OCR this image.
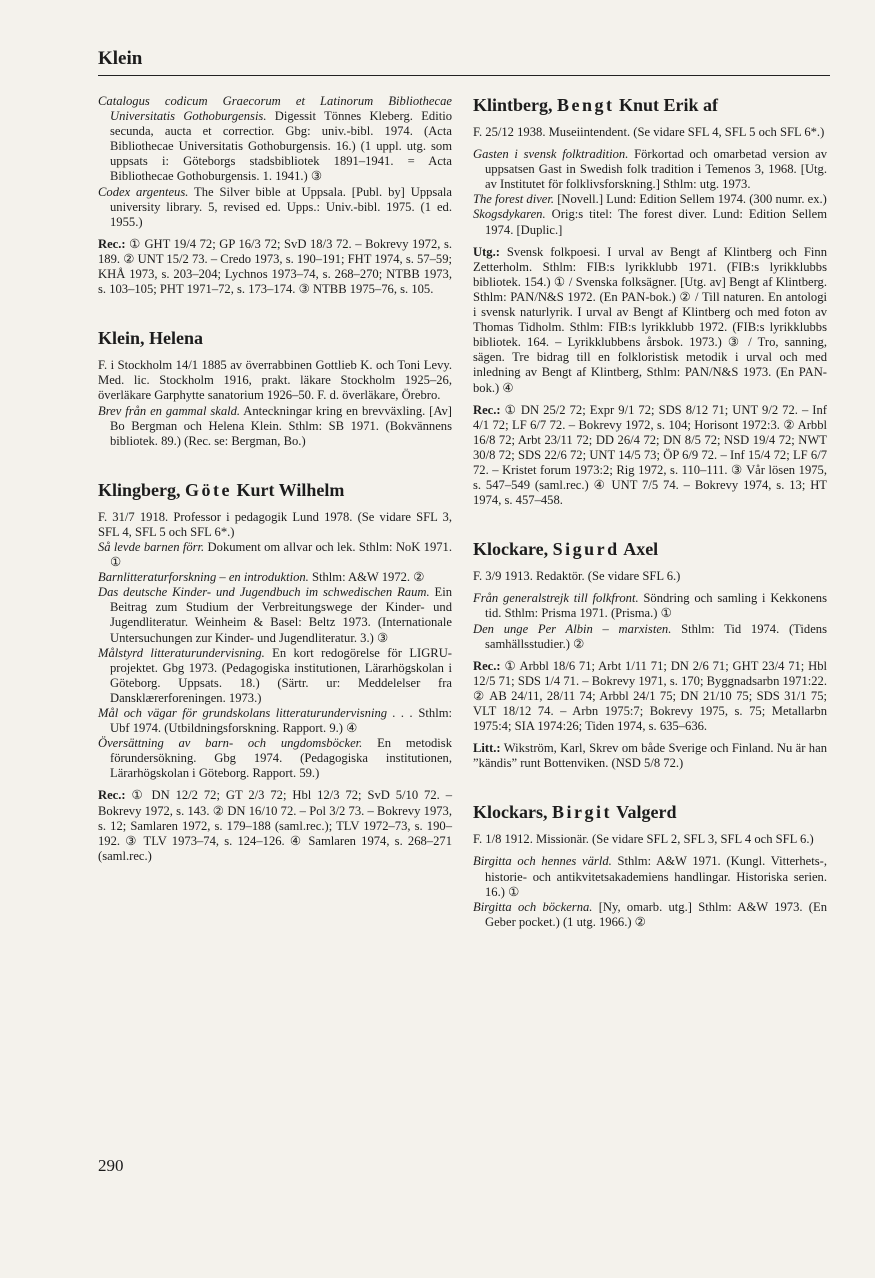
Klein

Catalogus codicum Graecorum et Latinorum Bibliothecae Universitatis Gothoburgensis. Digessit Tönnes Kleberg. Editio secunda, aucta et correctior. Gbg: univ.-bibl. 1974. (Acta Bibliothecae Universitatis Gothoburgensis. 16.) (1 uppl. utg. som uppsats i: Göteborgs stadsbibliotek 1891–1941. = Acta Bibliothecae Gothoburgensis. 1. 1941.) ③

Codex argenteus. The Silver bible at Uppsala. [Publ. by] Uppsala university library. 5, revised ed. Upps.: Univ.-bibl. 1975. (1 ed. 1955.)

Rec.: ① GHT 19/4 72; GP 16/3 72; SvD 18/3 72. – Bokrevy 1972, s. 189. ② UNT 15/2 73. – Credo 1973, s. 190–191; FHT 1974, s. 57–59; KHÅ 1973, s. 203–204; Lychnos 1973–74, s. 268–270; NTBB 1973, s. 103–105; PHT 1971–72, s. 173–174. ③ NTBB 1975–76, s. 105.

Klein, Helena

F. i Stockholm 14/1 1885 av överrabbinen Gottlieb K. och Toni Levy. Med. lic. Stockholm 1916, prakt. läkare Stockholm 1925–26, överläkare Garphytte sanatorium 1926–50. F. d. överläkare, Örebro.

Brev från en gammal skald. Anteckningar kring en brevväxling. [Av] Bo Bergman och Helena Klein. Sthlm: SB 1971. (Bokvännens bibliotek. 89.) (Rec. se: Bergman, Bo.)

Klingberg, Göte Kurt Wilhelm

F. 31/7 1918. Professor i pedagogik Lund 1978. (Se vidare SFL 3, SFL 4, SFL 5 och SFL 6*.)

Så levde barnen förr. Dokument om allvar och lek. Sthlm: NoK 1971. ①

Barnlitteraturforskning – en introduktion. Sthlm: A&W 1972. ②

Das deutsche Kinder- und Jugendbuch im schwedischen Raum. Ein Beitrag zum Studium der Verbreitungswege der Kinder- und Jugendliteratur. Weinheim & Basel: Beltz 1973. (Internationale Untersuchungen zur Kinder- und Jugendliteratur. 3.) ③

Målstyrd litteraturundervisning. En kort redogörelse för LIGRU-projektet. Gbg 1973. (Pedagogiska institutionen, Lärarhögskolan i Göteborg. Uppsats. 18.) (Särtr. ur: Meddelelser fra Dansklærerforeningen. 1973.)

Mål och vägar för grundskolans litteraturundervisning . . . Sthlm: Ubf 1974. (Utbildningsforskning. Rapport. 9.) ④

Översättning av barn- och ungdomsböcker. En metodisk förundersökning. Gbg 1974. (Pedagogiska institutionen, Lärarhögskolan i Göteborg. Rapport. 59.)

Rec.: ① DN 12/2 72; GT 2/3 72; Hbl 12/3 72; SvD 5/10 72. – Bokrevy 1972, s. 143. ② DN 16/10 72. – Pol 3/2 73. – Bokrevy 1973, s. 12; Samlaren 1972, s. 179–188 (saml.rec.); TLV 1972–73, s. 190–192. ③ TLV 1973–74, s. 124–126. ④ Samlaren 1974, s. 268–271 (saml.rec.)

Klintberg, Bengt Knut Erik af

F. 25/12 1938. Museiintendent. (Se vidare SFL 4, SFL 5 och SFL 6*.)

Gasten i svensk folktradition. Förkortad och omarbetad version av uppsatsen Gast in Swedish folk tradition i Temenos 3, 1968. [Utg. av Institutet för folklivsforskning.] Sthlm: utg. 1973.

The forest diver. [Novell.] Lund: Edition Sellem 1974. (300 numr. ex.)

Skogsdykaren. Orig:s titel: The forest diver. Lund: Edition Sellem 1974. [Duplic.]

Utg.: Svensk folkpoesi. I urval av Bengt af Klintberg och Finn Zetterholm. Sthlm: FIB:s lyrikklubb 1971. (FIB:s lyrikklubbs bibliotek. 154.) ① / Svenska folksägner. [Utg. av] Bengt af Klintberg. Sthlm: PAN/N&S 1972. (En PAN-bok.) ② / Till naturen. En antologi i svensk naturlyrik. I urval av Bengt af Klintberg och med foton av Thomas Tidholm. Sthlm: FIB:s lyrikklubb 1972. (FIB:s lyrikklubbs bibliotek. 164. – Lyrikklubbens årsbok. 1973.) ③ / Tro, sanning, sägen. Tre bidrag till en folkloristisk metodik i urval och med inledning av Bengt af Klintberg, Sthlm: PAN/N&S 1973. (En PAN-bok.) ④

Rec.: ① DN 25/2 72; Expr 9/1 72; SDS 8/12 71; UNT 9/2 72. – Inf 4/1 72; LF 6/7 72. – Bokrevy 1972, s. 104; Horisont 1972:3. ② Arbbl 16/8 72; Arbt 23/11 72; DD 26/4 72; DN 8/5 72; NSD 19/4 72; NWT 30/8 72; SDS 22/6 72; UNT 14/5 73; ÖP 6/9 72. – Inf 15/4 72; LF 6/7 72. – Kristet forum 1973:2; Rig 1972, s. 110–111. ③ Vår lösen 1975, s. 547–549 (saml.rec.) ④ UNT 7/5 74. – Bokrevy 1974, s. 13; HT 1974, s. 457–458.

Klockare, Sigurd Axel

F. 3/9 1913. Redaktör. (Se vidare SFL 6.)

Från generalstrejk till folkfront. Söndring och samling i Kekkonens tid. Sthlm: Prisma 1971. (Prisma.) ①

Den unge Per Albin – marxisten. Sthlm: Tid 1974. (Tidens samhällsstudier.) ②

Rec.: ① Arbbl 18/6 71; Arbt 1/11 71; DN 2/6 71; GHT 23/4 71; Hbl 12/5 71; SDS 1/4 71. – Bokrevy 1971, s. 170; Byggnadsarbn 1971:22. ② AB 24/11, 28/11 74; Arbbl 24/1 75; DN 21/10 75; SDS 31/1 75; VLT 18/12 74. – Arbn 1975:7; Bokrevy 1975, s. 75; Metallarbn 1975:4; SIA 1974:26; Tiden 1974, s. 635–636.

Litt.: Wikström, Karl, Skrev om både Sverige och Finland. Nu är han ”kändis” runt Bottenviken. (NSD 5/8 72.)

Klockars, Birgit Valgerd

F. 1/8 1912. Missionär. (Se vidare SFL 2, SFL 3, SFL 4 och SFL 6.)

Birgitta och hennes värld. Sthlm: A&W 1971. (Kungl. Vitterhets-, historie- och antikvitetsakademiens handlingar. Historiska serien. 16.) ①

Birgitta och böckerna. [Ny, omarb. utg.] Sthlm: A&W 1973. (En Geber pocket.) (1 utg. 1966.) ②

290
